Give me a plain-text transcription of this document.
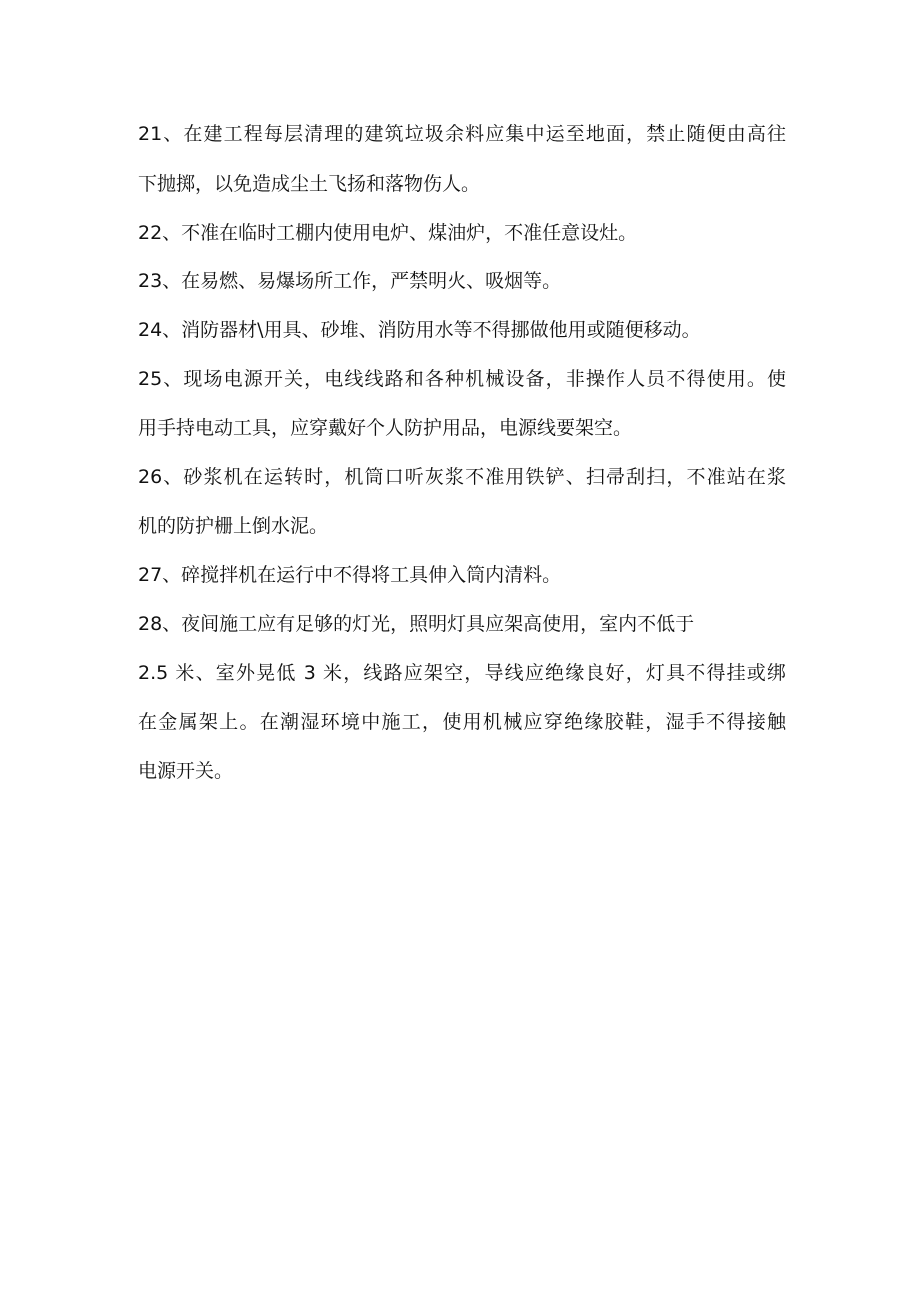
21、在建工程每层清理的建筑垃圾余料应集中运至地面，禁止随便由高往
下抛掷，以免造成尘土飞扬和落物伤人。
22、不准在临时工棚内使用电炉、煤油炉，不准任意设灶。
23、在易燃、易爆场所工作，严禁明火、吸烟等。
24、消防器材\用具、砂堆、消防用水等不得挪做他用或随便移动。
25、现场电源开关，电线线路和各种机械设备，非操作人员不得使用。使
用手持电动工具，应穿戴好个人防护用品，电源线要架空。
26、砂浆机在运转时，机筒口听灰浆不准用铁铲、扫帚刮扫，不准站在浆
机的防护栅上倒水泥。
27、碎搅拌机在运行中不得将工具伸入筒内清料。
28、夜间施工应有足够的灯光，照明灯具应架高使用，室内不低于
2.5 米、室外晃低 3 米，线路应架空，导线应绝缘良好，灯具不得挂或绑
在金属架上。在潮湿环境中施工，使用机械应穿绝缘胶鞋，湿手不得接触
电源开关。
